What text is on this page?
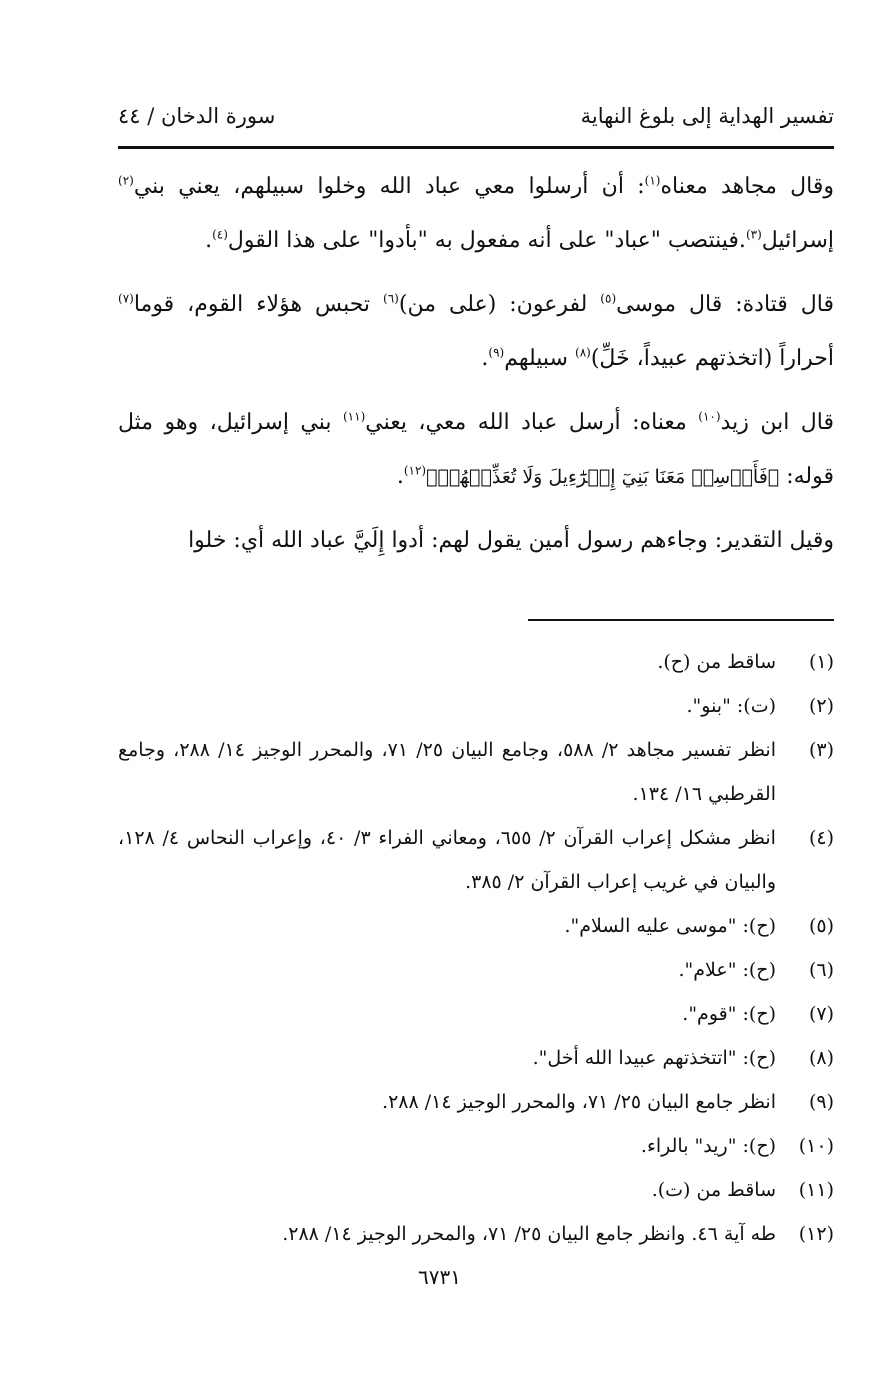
تفسير الهداية إلى بلوغ النهاية
سورة الدخان / ٤٤

وقال مجاهد معناه$^{(١)}$: أن أرسلوا معي عباد الله وخلوا سبيلهم، يعني بني$^{(٢)}$ إسرائيل$^{(٣)}$.فينتصب "عباد" على أنه مفعول به "بأدوا" على هذا القول$^{(٤)}$.

قال قتادة: قال موسى$^{(٥)}$ لفرعون: (على من)$^{(٦)}$ تحبس هؤلاء القوم، قوما$^{(٧)}$ أحراراً (اتخذتهم عبيداً، خَلِّ)$^{(٨)}$ سبيلهم$^{(٩)}$.

قال ابن زيد$^{(١٠)}$ معناه: أرسل عباد الله معي، يعني$^{(١١)}$ بني إسرائيل، وهو مثل قوله: ﴿فَأَرۡسِلۡ مَعَنَا بَنِيٓ إِسۡرَٰٓءِيلَ وَلَا تُعَذِّبۡهُمۡ﴾$^{(١٢)}$.

وقيل التقدير: وجاءهم رسول أمين يقول لهم: أدوا إِلَيَّ عباد الله أي: خلوا

(١)
ساقط من (ح).

(٢)
(ت): "بنو".

(٣)
انظر تفسير مجاهد ٢/ ٥٨٨، وجامع البيان ٢٥/ ٧١، والمحرر الوجيز ١٤/ ٢٨٨، وجامع القرطبي ١٦/ ١٣٤.

(٤)
انظر مشكل إعراب القرآن ٢/ ٦٥٥، ومعاني الفراء ٣/ ٤٠، وإعراب النحاس ٤/ ١٢٨، والبيان في غريب إعراب القرآن ٢/ ٣٨٥.

(٥)
(ح): "موسى عليه السلام".

(٦)
(ح): "علام".

(٧)
(ح): "قوم".

(٨)
(ح): "اتتخذتهم عبيدا الله أخل".

(٩)
انظر جامع البيان ٢٥/ ٧١، والمحرر الوجيز ١٤/ ٢٨٨.

(١٠)
(ح): "ريد" بالراء.

(١١)
ساقط من (ت).

(١٢)
طه آية ٤٦. وانظر جامع البيان ٢٥/ ٧١، والمحرر الوجيز ١٤/ ٢٨٨.

٦٧٣١
